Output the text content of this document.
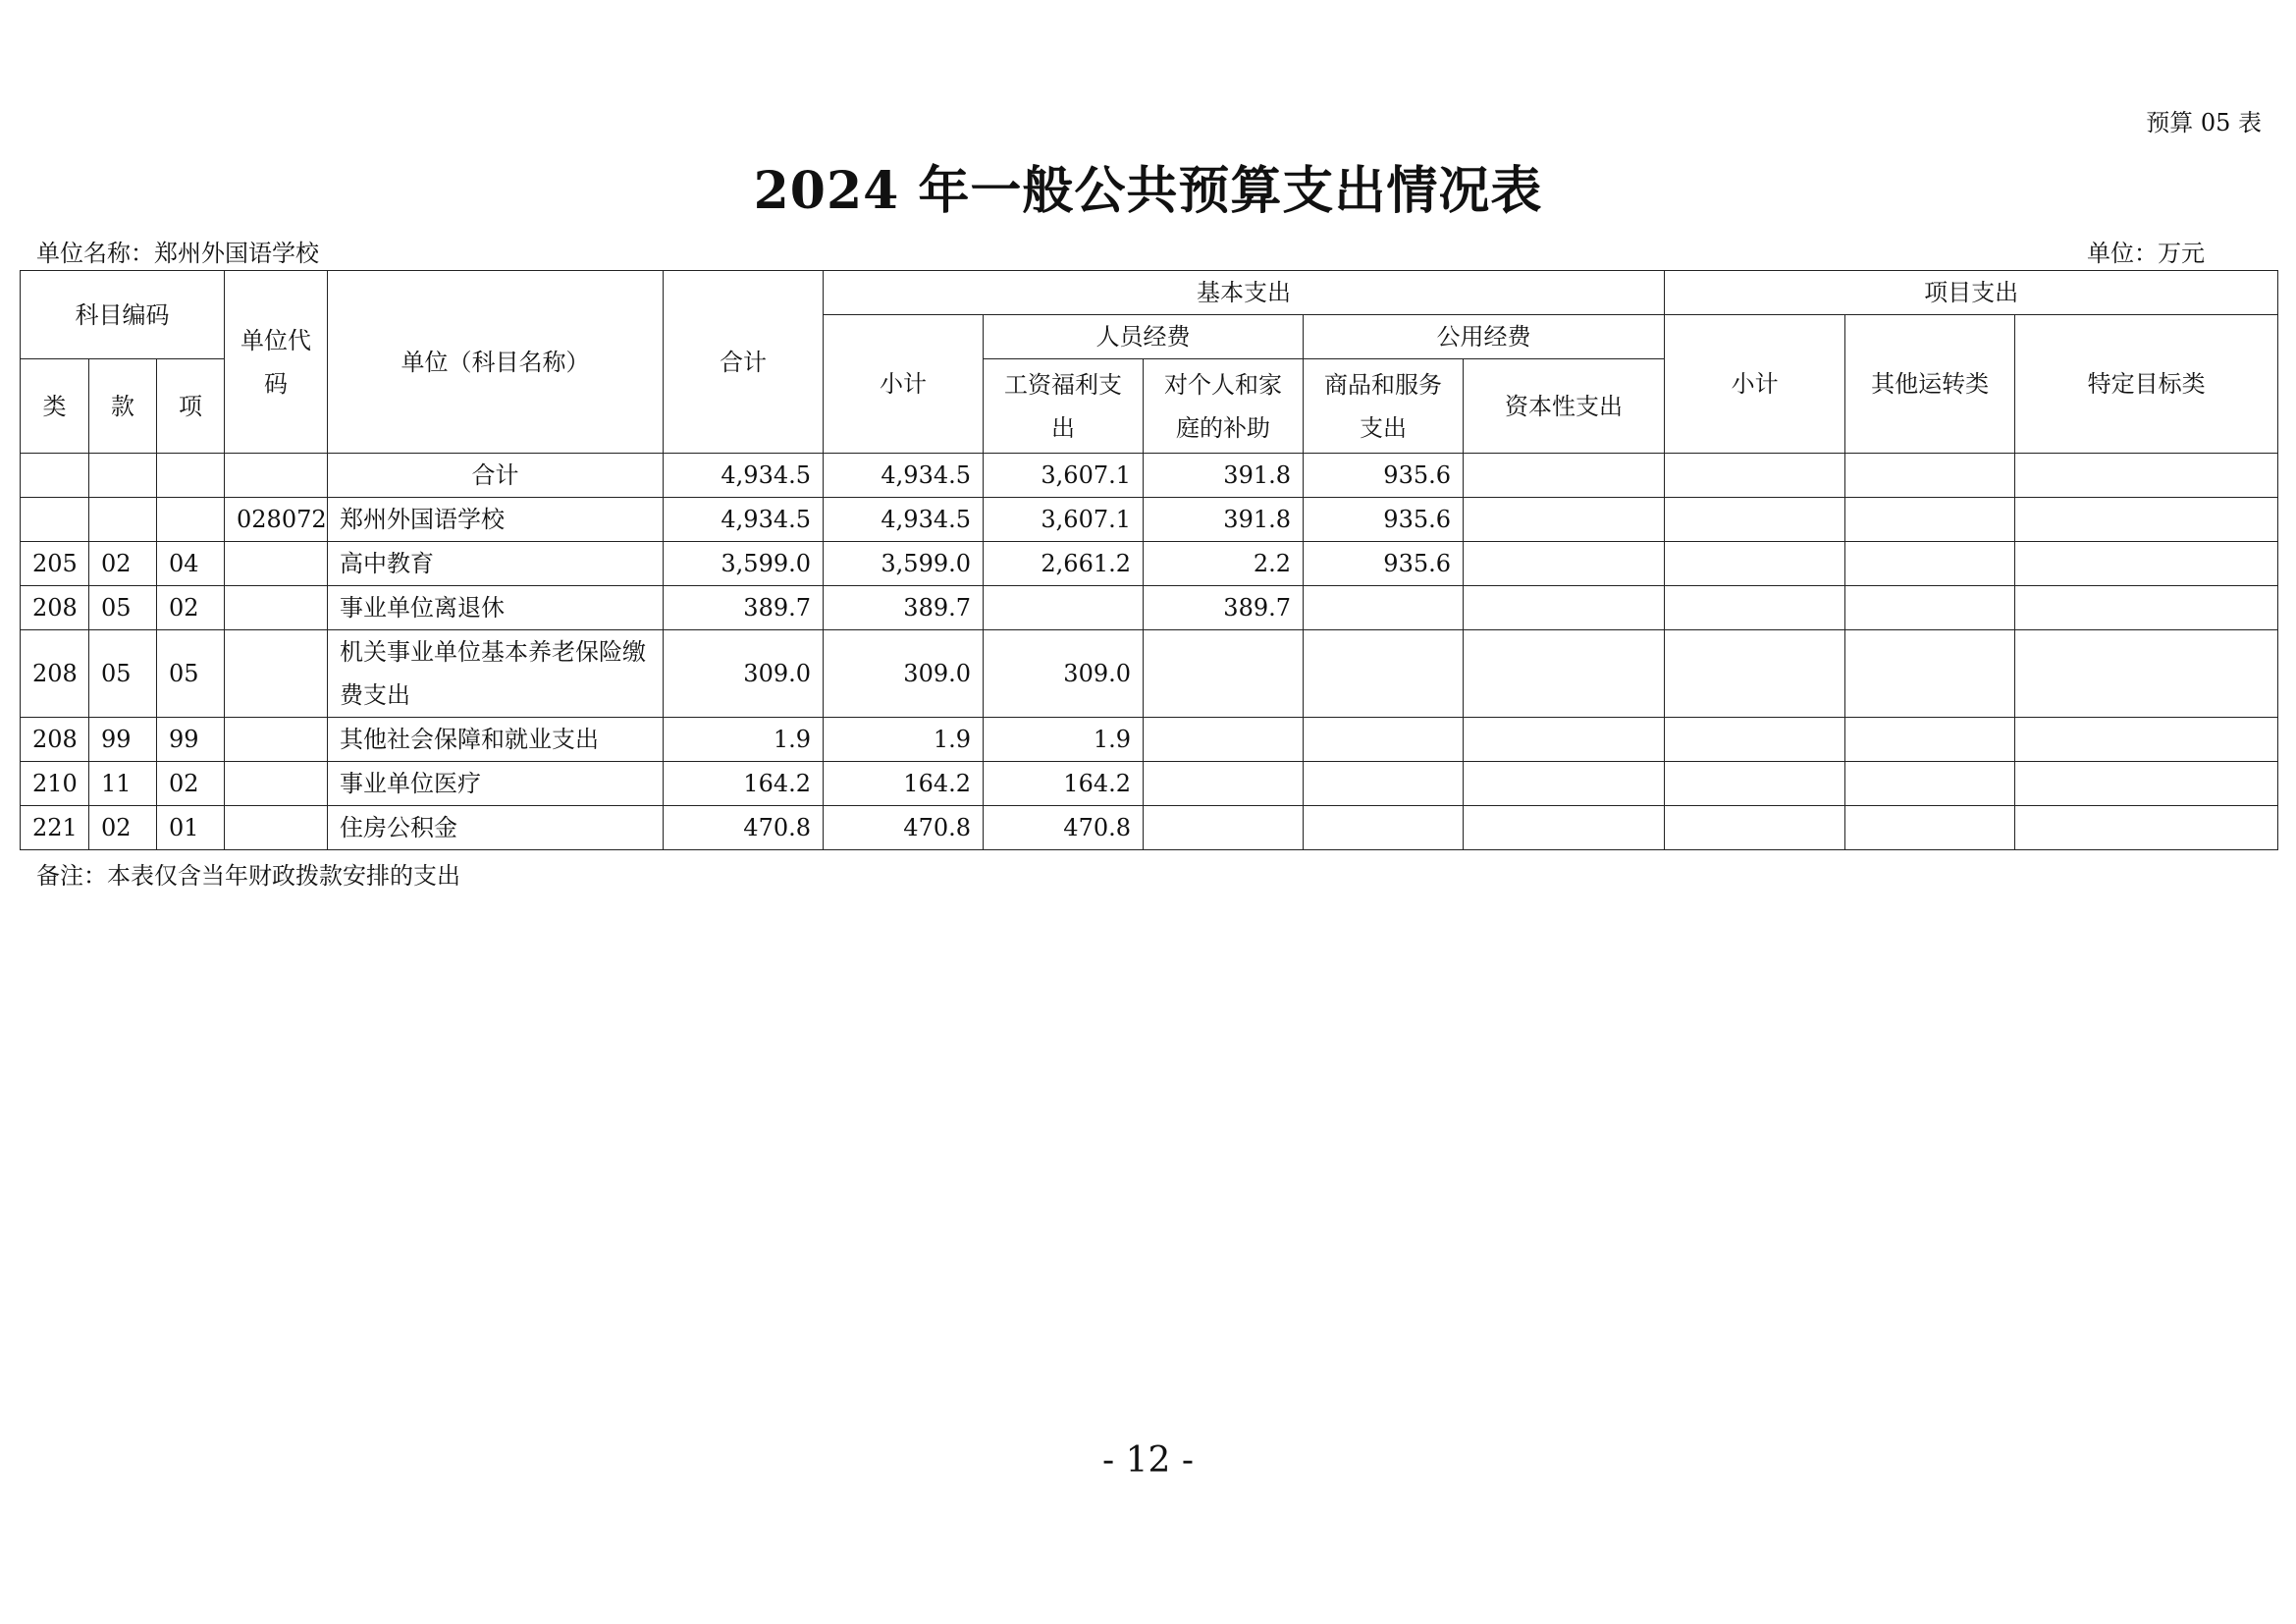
预算 05 表
2024 年一般公共预算支出情况表
单位名称：郑州外国语学校	单位：万元
科目编码			单位代码	单位（科目名称）	合计	基本支出					项目支出		
						小计	人员经费		公用经费		小计	其他运转类	特定目标类
类	款	项					工资福利支出	对个人和家庭的补助	商品和服务支出	资本性支出			
				合计	4,934.5	4,934.5	3,607.1	391.8	935.6				
			028072	郑州外国语学校	4,934.5	4,934.5	3,607.1	391.8	935.6				
205	02	04		高中教育	3,599.0	3,599.0	2,661.2	2.2	935.6				
208	05	02		事业单位离退休	389.7	389.7		389.7					
208	05	05		机关事业单位基本养老保险缴费支出	309.0	309.0	309.0						
208	99	99		其他社会保障和就业支出	1.9	1.9	1.9						
210	11	02		事业单位医疗	164.2	164.2	164.2						
221	02	01		住房公积金	470.8	470.8	470.8						
备注：本表仅含当年财政拨款安排的支出
- 12 -
